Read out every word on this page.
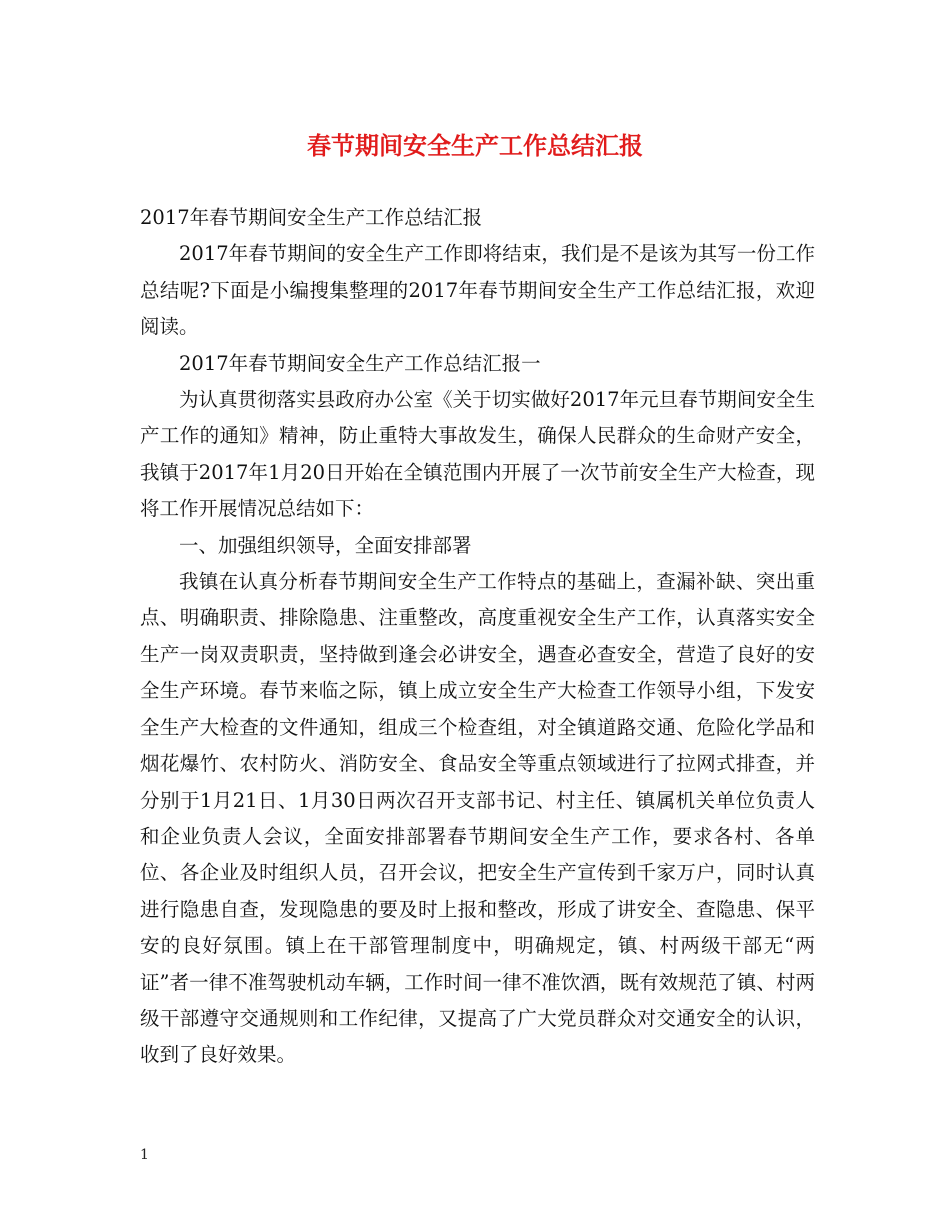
春节期间安全生产工作总结汇报

2017年春节期间安全生产工作总结汇报

2017年春节期间的安全生产工作即将结束，我们是不是该为其写一份工作总结呢?下面是小编搜集整理的2017年春节期间安全生产工作总结汇报，欢迎阅读。

2017年春节期间安全生产工作总结汇报一

为认真贯彻落实县政府办公室《关于切实做好2017年元旦春节期间安全生产工作的通知》精神，防止重特大事故发生，确保人民群众的生命财产安全，我镇于2017年1月20日开始在全镇范围内开展了一次节前安全生产大检查，现将工作开展情况总结如下：

一、加强组织领导，全面安排部署

我镇在认真分析春节期间安全生产工作特点的基础上，查漏补缺、突出重点、明确职责、排除隐患、注重整改，高度重视安全生产工作，认真落实安全生产一岗双责职责，坚持做到逢会必讲安全，遇查必查安全，营造了良好的安全生产环境。春节来临之际，镇上成立安全生产大检查工作领导小组，下发安全生产大检查的文件通知，组成三个检查组，对全镇道路交通、危险化学品和烟花爆竹、农村防火、消防安全、食品安全等重点领域进行了拉网式排查，并分别于1月21日、1月30日两次召开支部书记、村主任、镇属机关单位负责人和企业负责人会议，全面安排部署春节期间安全生产工作，要求各村、各单位、各企业及时组织人员，召开会议，把安全生产宣传到千家万户，同时认真进行隐患自查，发现隐患的要及时上报和整改，形成了讲安全、查隐患、保平安的良好氛围。镇上在干部管理制度中，明确规定，镇、村两级干部无“两证”者一律不准驾驶机动车辆，工作时间一律不准饮酒，既有效规范了镇、村两级干部遵守交通规则和工作纪律，又提高了广大党员群众对交通安全的认识，收到了良好效果。

1
